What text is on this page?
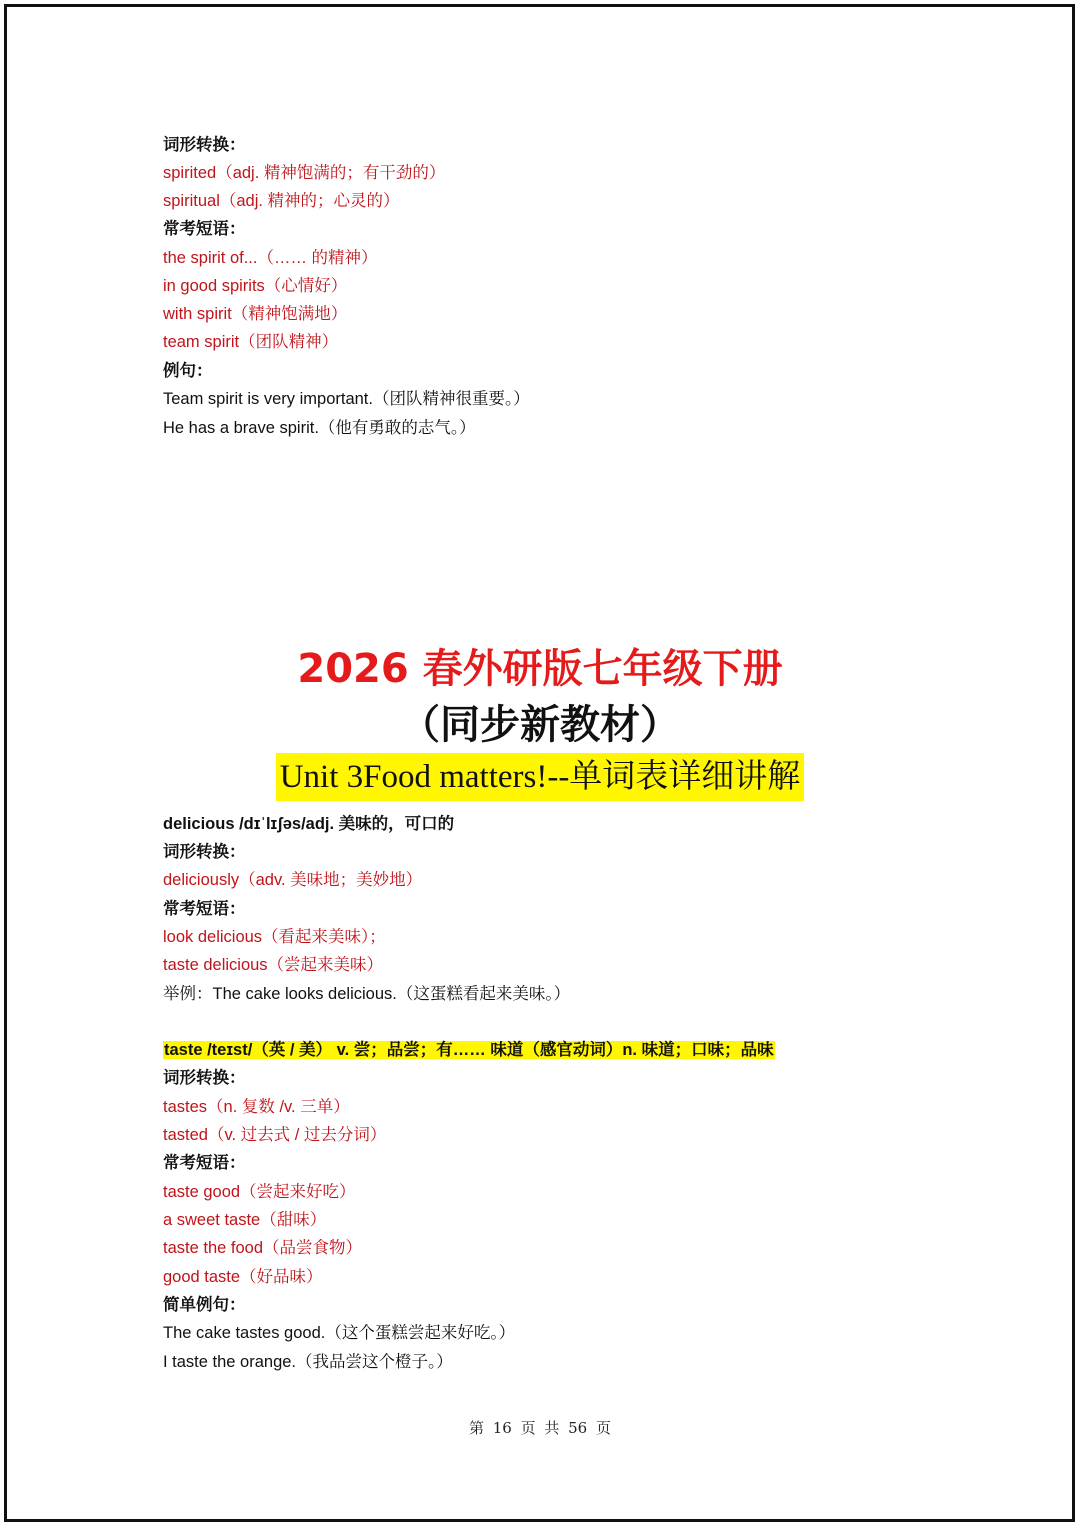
词形转换：
spirited（adj. 精神饱满的；有干劲的）
spiritual（adj. 精神的；心灵的）
常考短语：
the spirit of...（…… 的精神）
in good spirits（心情好）
with spirit（精神饱满地）
team spirit（团队精神）
例句：
Team spirit is very important.（团队精神很重要。）
He has a brave spirit.（他有勇敢的志气。）
2026 春外研版七年级下册
（同步新教材）
Unit 3Food matters!--单词表详细讲解
delicious /dɪˈlɪʃəs/adj. 美味的，可口的
词形转换：
deliciously（adv. 美味地；美妙地）
常考短语：
look delicious（看起来美味）；
taste delicious（尝起来美味）
举例：The cake looks delicious.（这蛋糕看起来美味。）
taste /teɪst/（英 / 美） v. 尝；品尝；有…… 味道（感官动词）n. 味道；口味；品味
词形转换：
tastes（n. 复数 /v. 三单）
tasted（v. 过去式 / 过去分词）
常考短语：
taste good（尝起来好吃）
a sweet taste（甜味）
taste the food（品尝食物）
good taste（好品味）
简单例句：
The cake tastes good.（这个蛋糕尝起来好吃。）
I taste the orange.（我品尝这个橙子。）
第 16 页 共 56 页
